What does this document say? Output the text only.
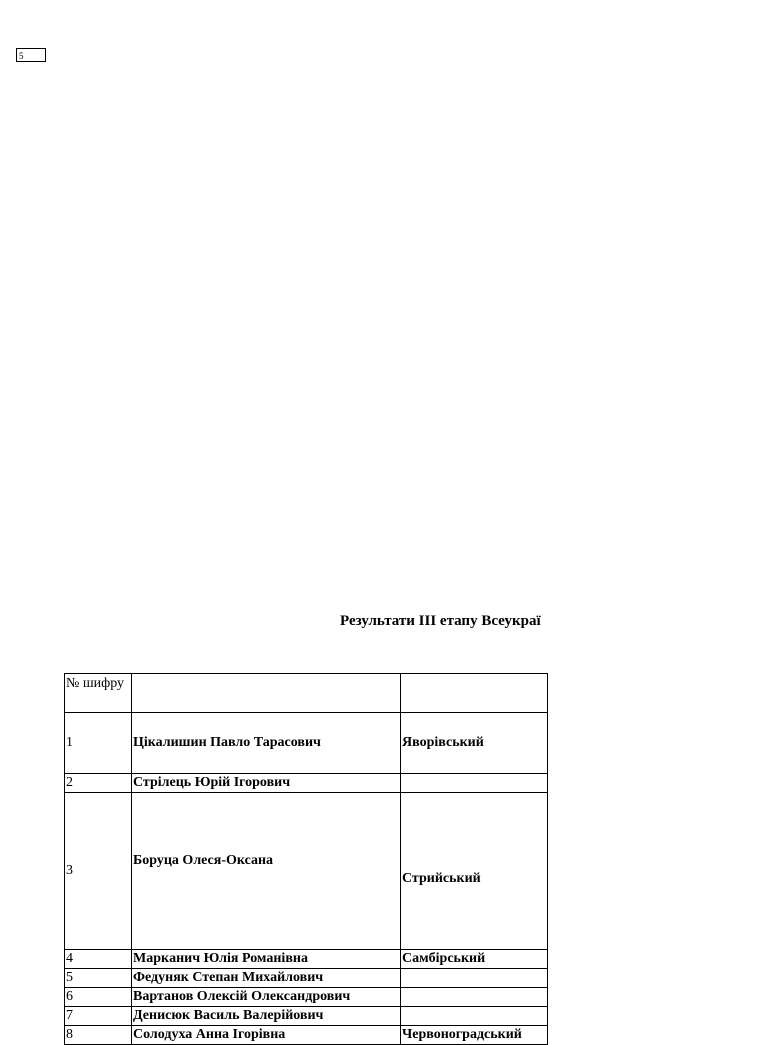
5
Результати III етапу Всеукраї
№ шифру		
1	Цікалишин Павло Тарасович	Яворівський
2	Стрілець Юрій Ігорович	
3	Боруца Олеся-Оксана	Стрийський
4	Маркaнич Юлія Романівна	Самбірський
5	Федуняк Степан Михайлович	
6	Вартанов Олексій Олександрович	
7	Денисюк Василь Валерійович	
8	Солодуха Анна Ігорівна	Червоноградський
